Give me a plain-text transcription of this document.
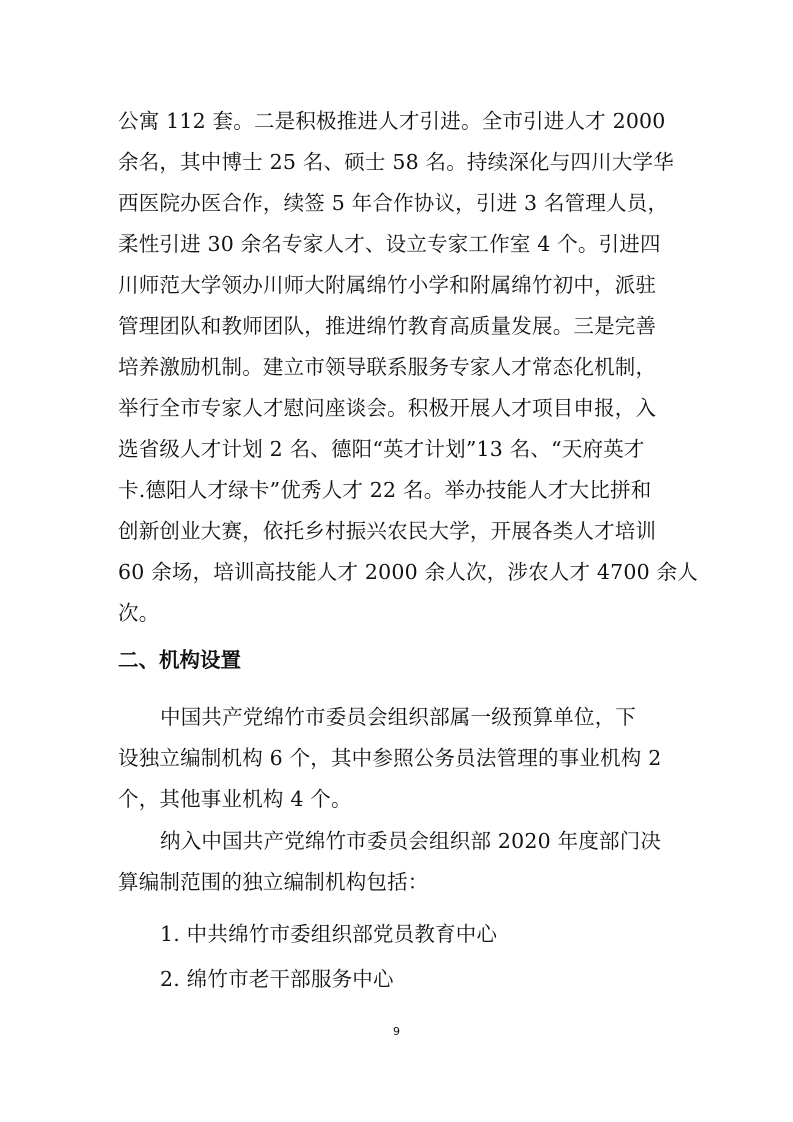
公寓 112 套。二是积极推进人才引进。全市引进人才 2000
余名，其中博士 25 名、硕士 58 名。持续深化与四川大学华
西医院办医合作，续签 5 年合作协议，引进 3 名管理人员，
柔性引进 30 余名专家人才、设立专家工作室 4 个。引进四
川师范大学领办川师大附属绵竹小学和附属绵竹初中，派驻
管理团队和教师团队，推进绵竹教育高质量发展。三是完善
培养激励机制。建立市领导联系服务专家人才常态化机制，
举行全市专家人才慰问座谈会。积极开展人才项目申报，入
选省级人才计划 2 名、德阳“英才计划”13 名、“天府英才
卡.德阳人才绿卡”优秀人才 22 名。举办技能人才大比拼和
创新创业大赛，依托乡村振兴农民大学，开展各类人才培训
60 余场，培训高技能人才 2000 余人次，涉农人才 4700 余人
次。
二、机构设置
中国共产党绵竹市委员会组织部属一级预算单位，下
设独立编制机构 6 个，其中参照公务员法管理的事业机构 2
个，其他事业机构 4 个。
纳入中国共产党绵竹市委员会组织部 2020 年度部门决
算编制范围的独立编制机构包括：
1. 中共绵竹市委组织部党员教育中心
2. 绵竹市老干部服务中心
9
